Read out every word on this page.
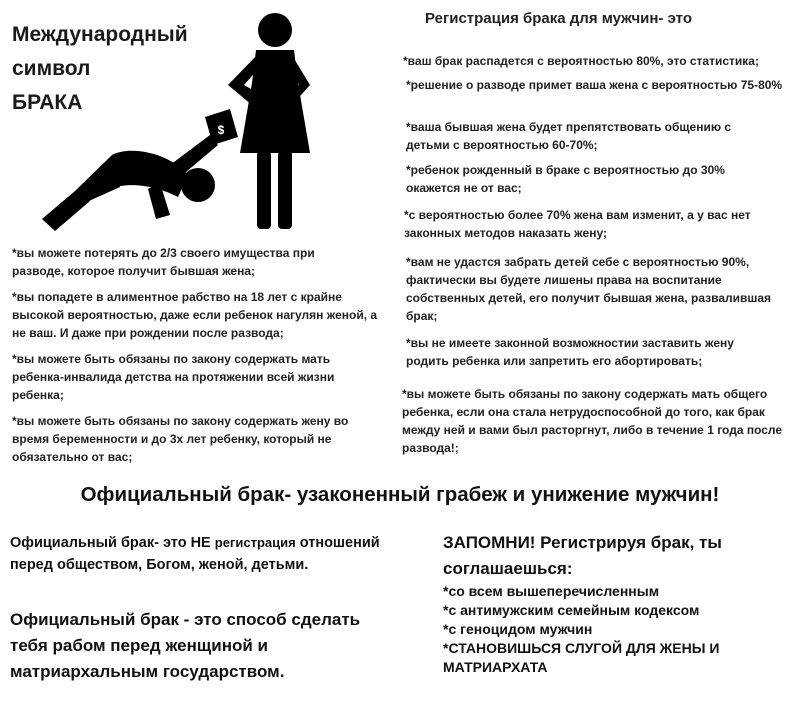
Международный
символ
БРАКА
$
Регистрация брака для мужчин- это
*ваш брак распадется с вероятностью 80%, это статистика;
*решение о разводе примет ваша жена с вероятностью 75-80%
*ваша бывшая жена будет препятствовать общению с детьми с вероятностью 60-70%;
*ребенок рожденный в браке с вероятностью до 30% окажется не от вас;
*с вероятностью более 70% жена вам изменит, а у вас нет законных методов наказать жену;
*вам не удастся забрать детей себе с вероятностью 90%, фактически вы будете лишены права на воспитание собственных детей, его получит бывшая жена, развалившая брак;
*вы не имеете законной возможностии заставить жену родить ребенка или запретить его абортировать;
*вы можете быть обязаны по закону содержать мать общего ребенка, если она стала нетрудоспособной до того, как брак между ней и вами был расторгнут, либо в течение 1 года после развода!;
*вы можете потерять до 2/3 своего имущества при разводе, которое получит бывшая жена;
*вы попадете в алиментное рабство на 18 лет с крайне высокой вероятностью, даже если ребенок нагулян женой, а не ваш. И даже при рождении после развода;
*вы можете быть обязаны по закону содержать мать ребенка-инвалида детства на протяжении всей жизни ребенка;
*вы можете быть обязаны по закону содержать жену во время беременности и до 3х лет ребенку, который не обязательно от вас;
Официальный брак- узаконенный грабеж и унижение мужчин!
Официальный брак- это НЕ регистрация отношений перед обществом, Богом, женой, детьми.
Официальный брак - это способ сделать тебя рабом перед женщиной и матриархальным государством.
ЗАПОМНИ! Регистрируя брак, ты соглашаешься:
*со всем вышеперечисленным
*с антимужским семейным кодексом
*с геноцидом мужчин
*СТАНОВИШЬСЯ СЛУГОЙ ДЛЯ ЖЕНЫ И МАТРИАРХАТА
